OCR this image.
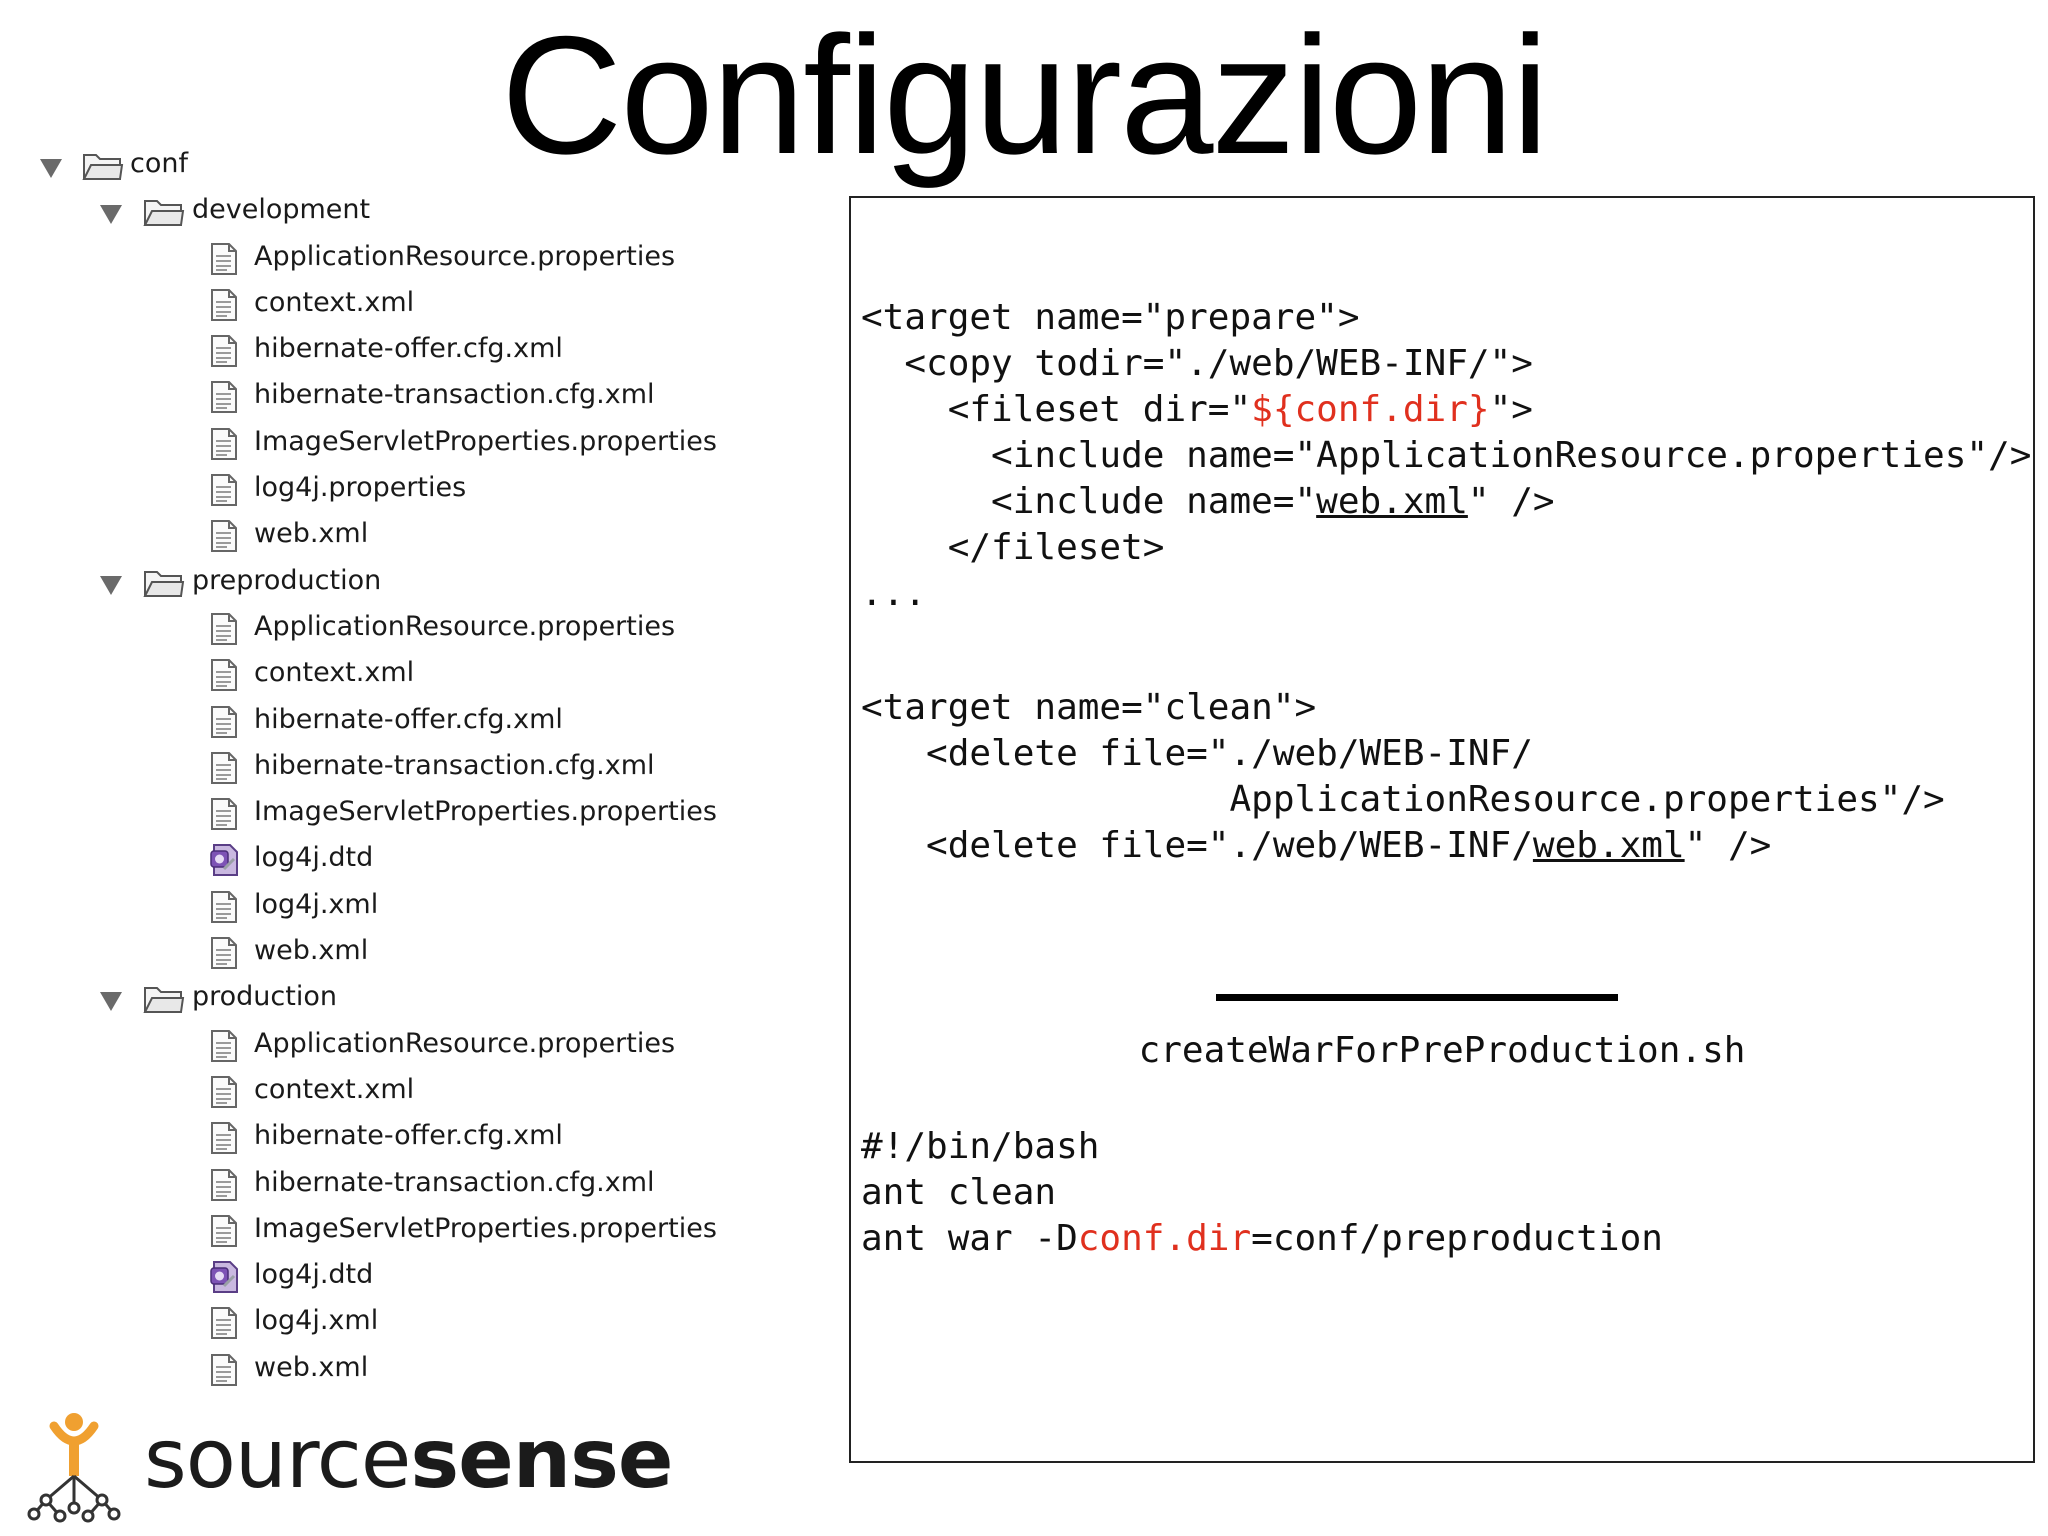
Configurazioni
conf
development
ApplicationResource.properties
context.xml
hibernate-offer.cfg.xml
hibernate-transaction.cfg.xml
ImageServletProperties.properties
log4j.properties
web.xml
preproduction
ApplicationResource.properties
context.xml
hibernate-offer.cfg.xml
hibernate-transaction.cfg.xml
ImageServletProperties.properties
log4j.dtd
log4j.xml
web.xml
production
ApplicationResource.properties
context.xml
hibernate-offer.cfg.xml
hibernate-transaction.cfg.xml
ImageServletProperties.properties
log4j.dtd
log4j.xml
web.xml
<target name="prepare">
<copy todir="./web/WEB-INF/">
<fileset dir="${conf.dir}">
<include name="ApplicationResource.properties"/>
<include name="web.xml" />
</fileset>
...

<target name="clean">
<delete file="./web/WEB-INF/
ApplicationResource.properties"/>
<delete file="./web/WEB-INF/web.xml" />
createWarForPreProduction.sh
#!/bin/bash
ant clean
ant war -Dconf.dir=conf/preproduction
sourcesense
